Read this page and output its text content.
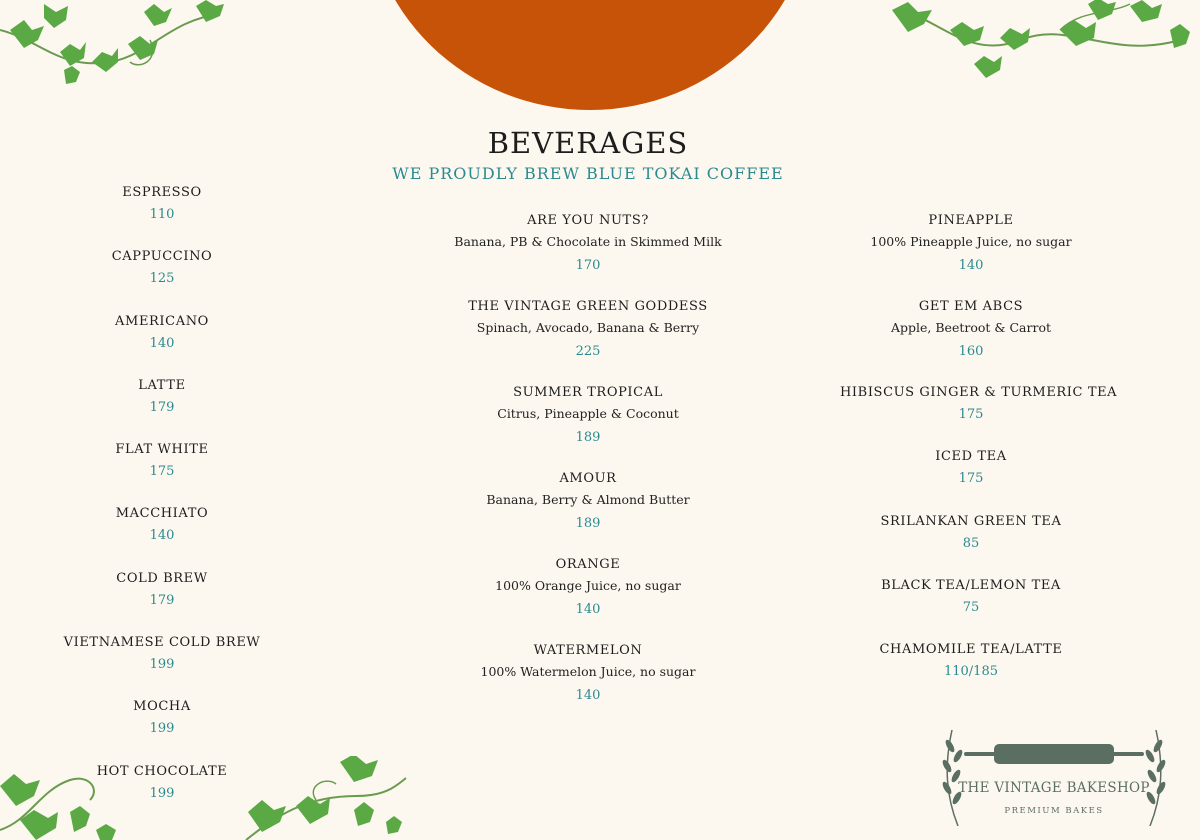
BEVERAGES
WE PROUDLY BREW BLUE TOKAI COFFEE
ESPRESSO
110
CAPPUCCINO
125
AMERICANO
140
LATTE
179
FLAT WHITE
175
MACCHIATO
140
COLD BREW
179
VIETNAMESE COLD BREW
199
MOCHA
199
HOT CHOCOLATE
199
ARE YOU NUTS?
Banana, PB & Chocolate in Skimmed Milk
170
THE VINTAGE GREEN GODDESS
Spinach, Avocado, Banana & Berry
225
SUMMER TROPICAL
Citrus, Pineapple & Coconut
189
AMOUR
Banana, Berry & Almond Butter
189
ORANGE
100% Orange Juice, no sugar
140
WATERMELON
100% Watermelon Juice, no sugar
140
PINEAPPLE
100% Pineapple Juice, no sugar
140
GET EM ABCS
Apple, Beetroot & Carrot
160
HIBISCUS GINGER & TURMERIC TEA
175
ICED TEA
175
SRILANKAN GREEN TEA
85
BLACK TEA/LEMON TEA
75
CHAMOMILE TEA/LATTE
110/185
THE VINTAGE BAKESHOP
PREMIUM BAKES
